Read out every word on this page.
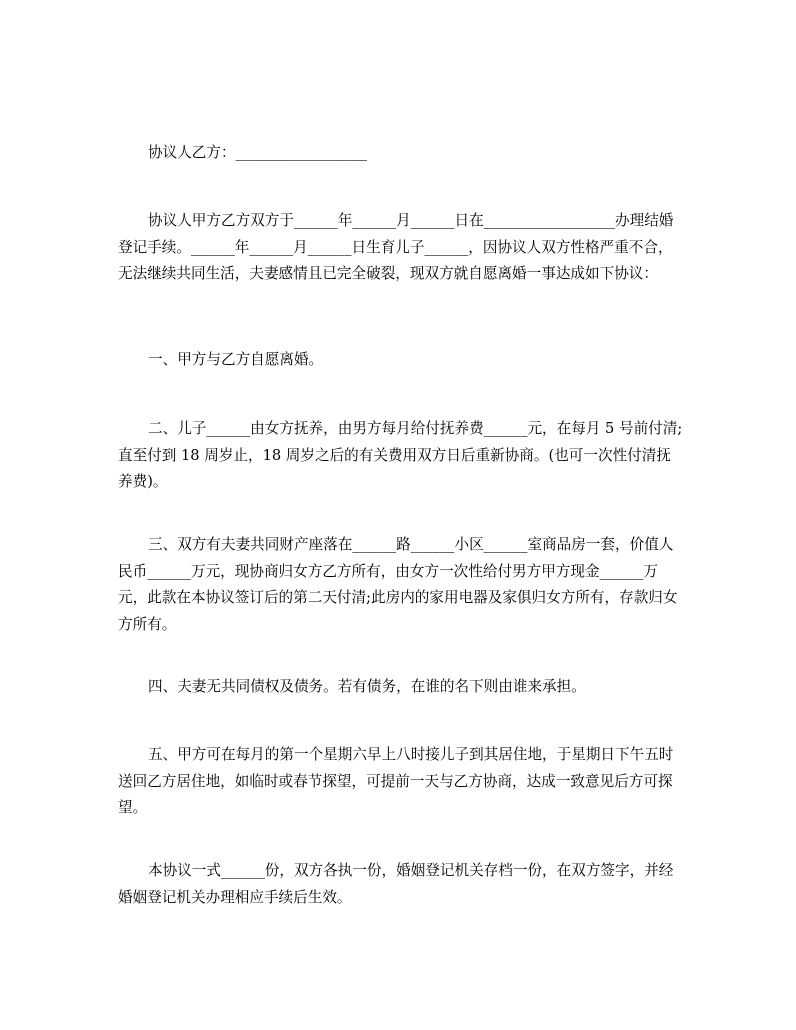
协议人乙方：__________________

协议人甲方乙方双方于______年______月______日在__________________办理结婚登记手续。______年______月______日生育儿子______，因协议人双方性格严重不合，无法继续共同生活，夫妻感情且已完全破裂，现双方就自愿离婚一事达成如下协议：

一、甲方与乙方自愿离婚。

二、儿子______由女方抚养，由男方每月给付抚养费______元，在每月 5 号前付清;直至付到 18 周岁止，18 周岁之后的有关费用双方日后重新协商。(也可一次性付清抚养费)。

三、双方有夫妻共同财产座落在______路______小区______室商品房一套，价值人民币______万元，现协商归女方乙方所有，由女方一次性给付男方甲方现金______万元，此款在本协议签订后的第二天付清;此房内的家用电器及家俱归女方所有，存款归女方所有。

四、夫妻无共同债权及债务。若有债务，在谁的名下则由谁来承担。

五、甲方可在每月的第一个星期六早上八时接儿子到其居住地，于星期日下午五时送回乙方居住地，如临时或春节探望，可提前一天与乙方协商，达成一致意见后方可探望。

本协议一式______份，双方各执一份，婚姻登记机关存档一份，在双方签字，并经婚姻登记机关办理相应手续后生效。
